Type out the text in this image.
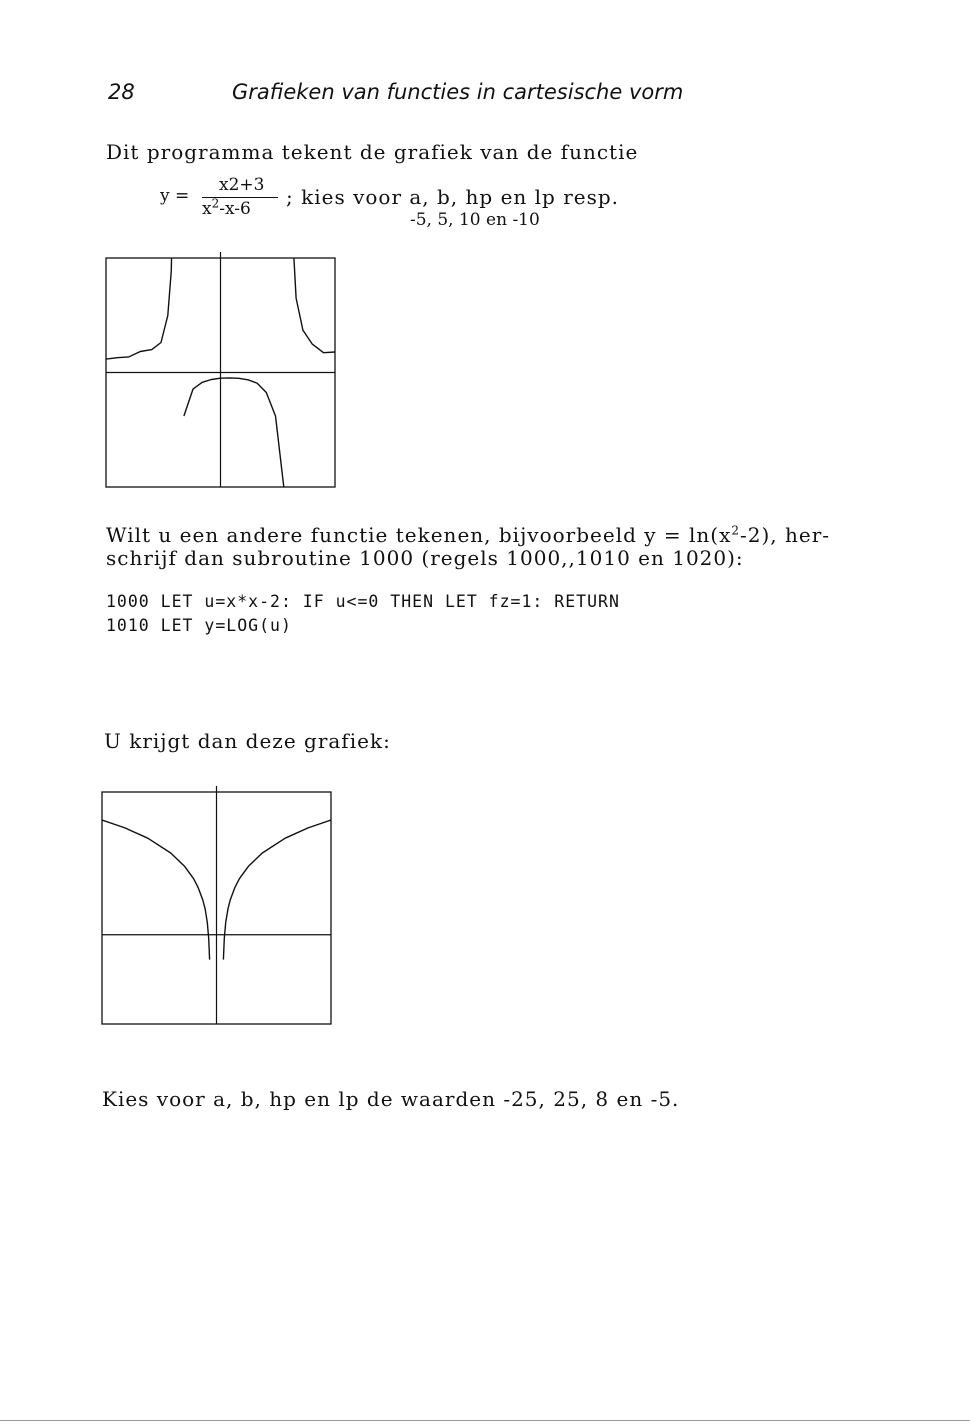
28	Grafieken van functies in cartesische vorm
Dit programma tekent de grafiek van de functie
y =
x2+3
$x^2-x-6$ ; kies voor a, b, hp en lp resp.
-5, 5, 10 en -10
Wilt u een andere functie tekenen, bijvoorbeeld $y = \ln(x^2-2)$, her-
schrijf dan subroutine 1000 (regels 1000,,1010 en 1020):
1000 LET u=x*x-2: IF u<=0 THEN LET fz=1: RETURN
1010 LET y=LOG(u)
U krijgt dan deze grafiek:
Kies voor a, b, hp en lp de waarden -25, 25, 8 en -5.
